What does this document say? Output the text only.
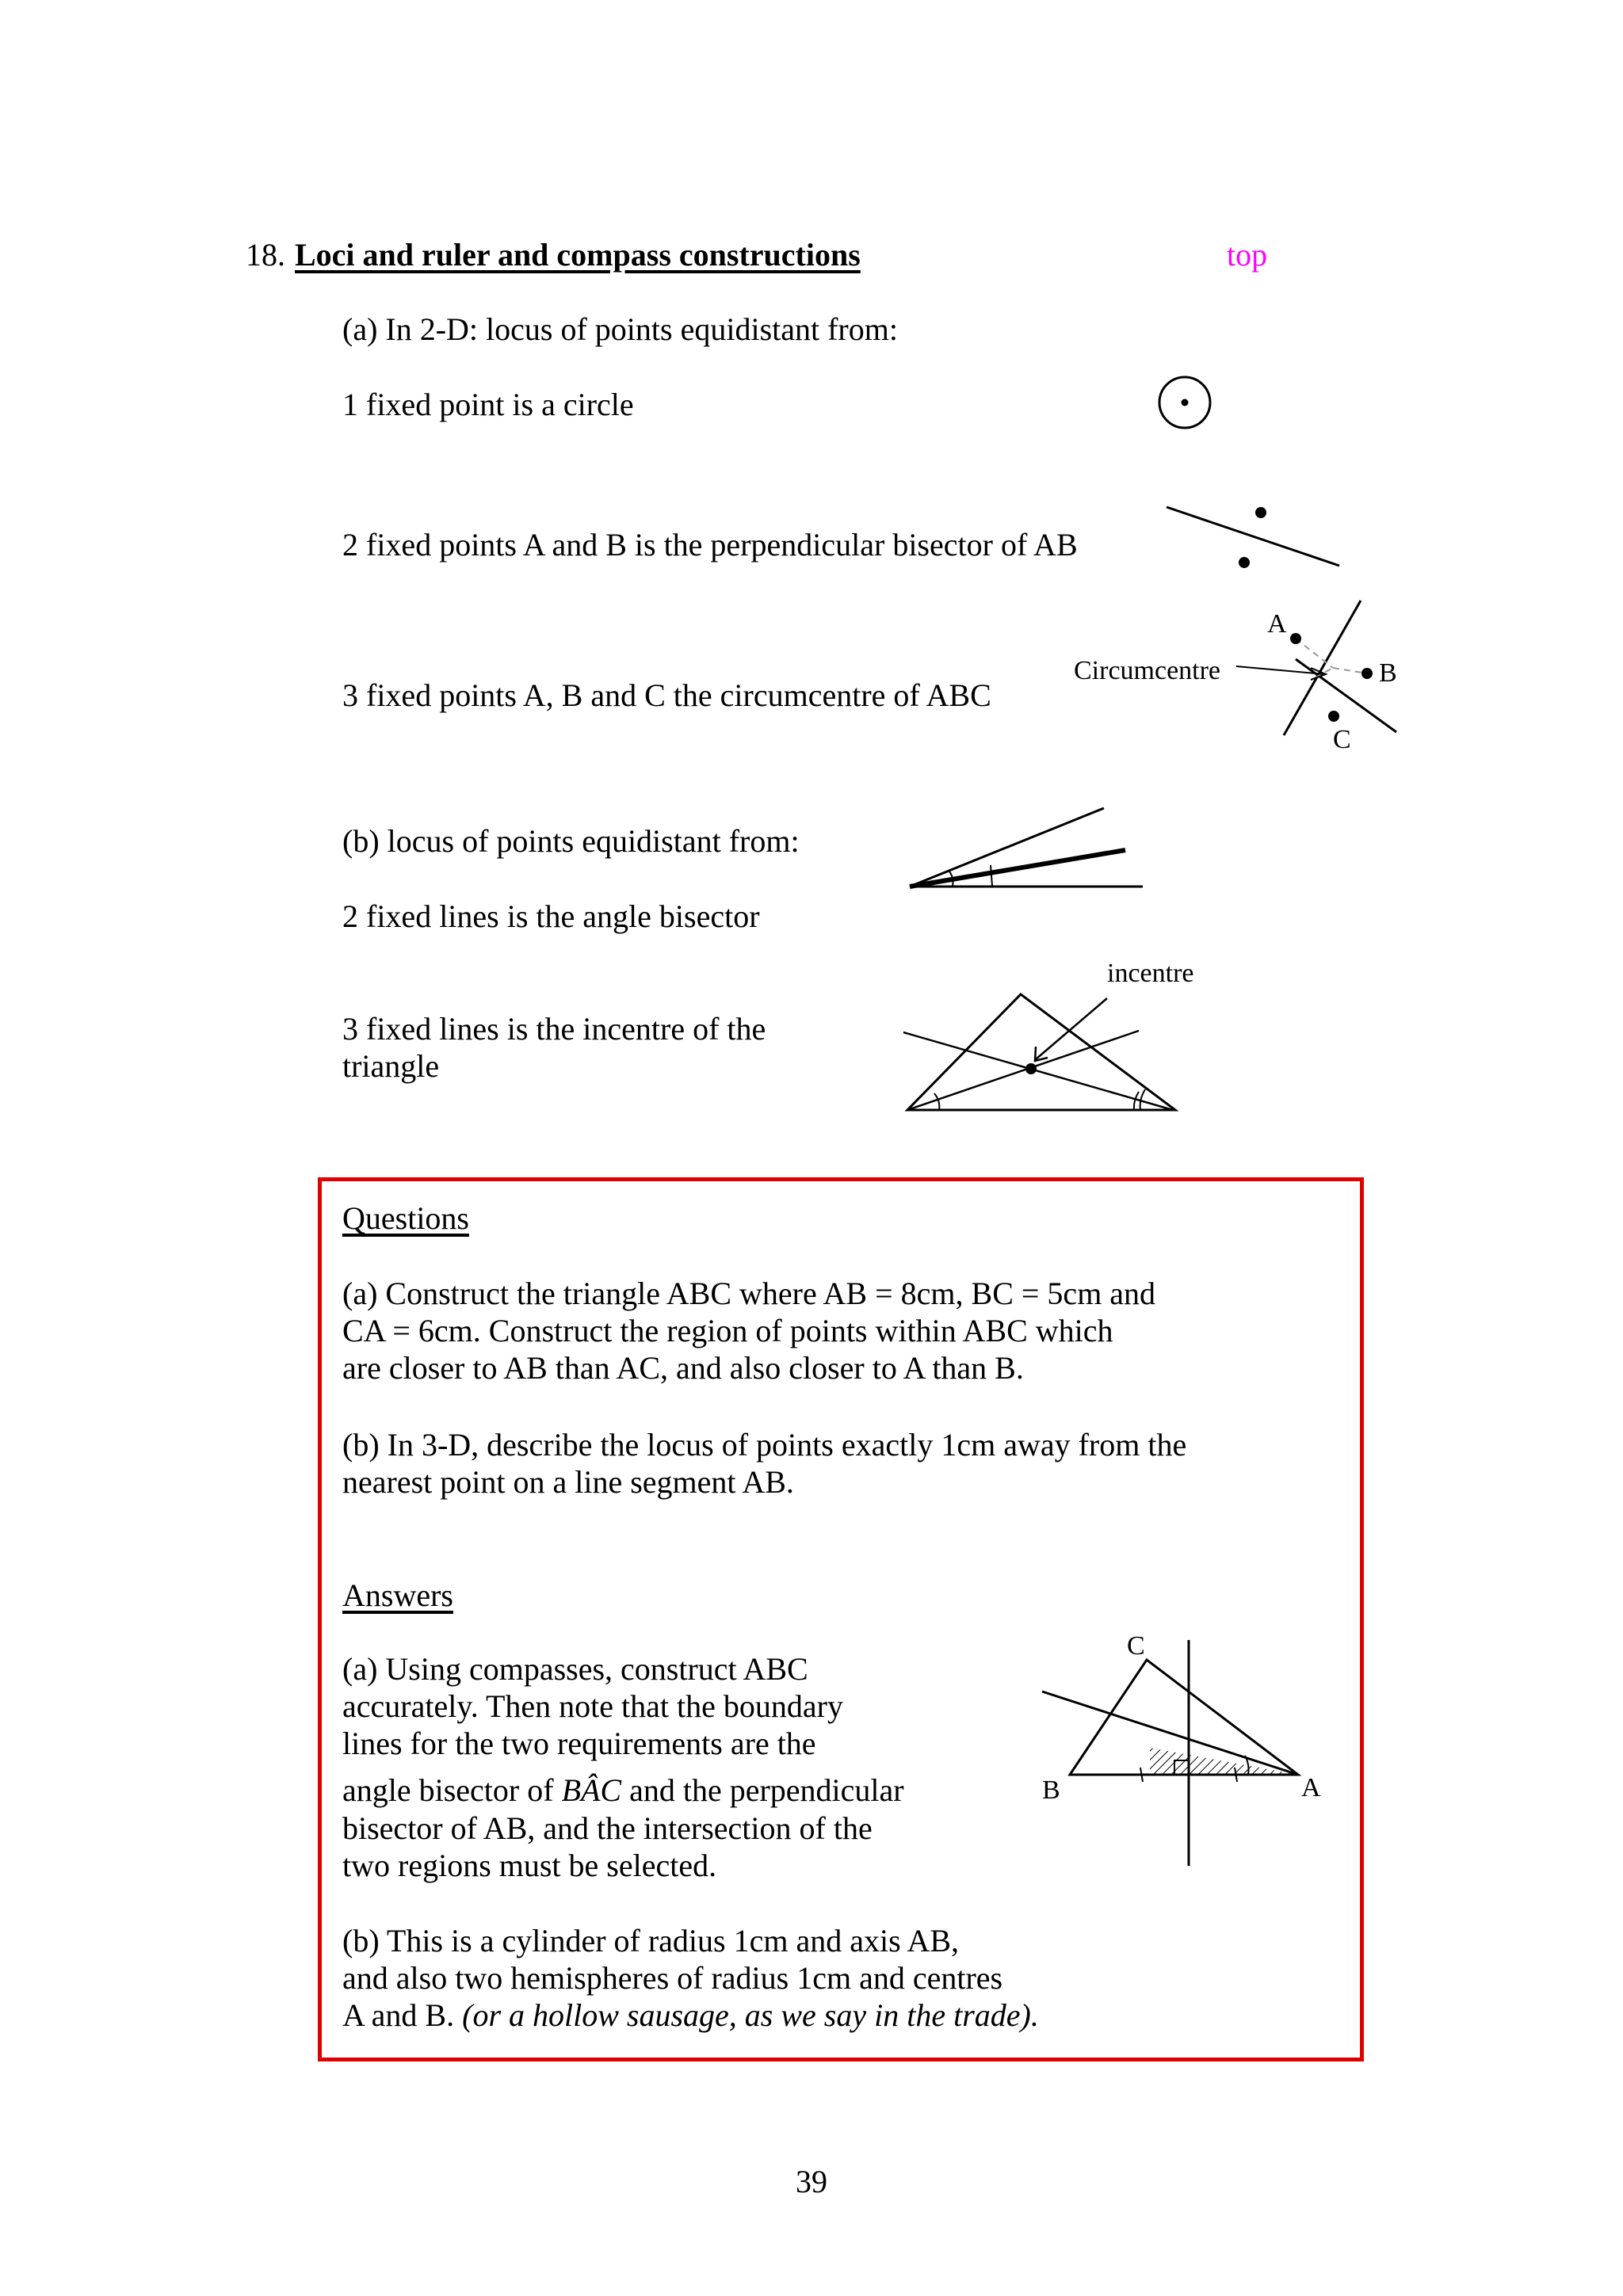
18. Loci and ruler and compass constructions	top
(a) In 2-D: locus of points equidistant from:
1 fixed point is a circle
2 fixed points A and B is the perpendicular bisector of AB
3 fixed points A, B and C the circumcentre of ABC
Circumcentre
A
B
C
(b) locus of points equidistant from:
2 fixed lines is the angle bisector
3 fixed lines is the incentre of the
triangle
incentre
Questions
(a) Construct the triangle ABC where AB = 8cm, BC = 5cm and
CA = 6cm. Construct the region of points within ABC which
are closer to AB than AC, and also closer to A than B.
(b) In 3-D, describe the locus of points exactly 1cm away from the
nearest point on a line segment AB.
Answers
(a) Using compasses, construct ABC
accurately. Then note that the boundary
lines for the two requirements are the
angle bisector of BÂC and the perpendicular
bisector of AB, and the intersection of the
two regions must be selected.
(b) This is a cylinder of radius 1cm and axis AB,
and also two hemispheres of radius 1cm and centres
A and B. (or a hollow sausage, as we say in the trade).
C
B	A
39
